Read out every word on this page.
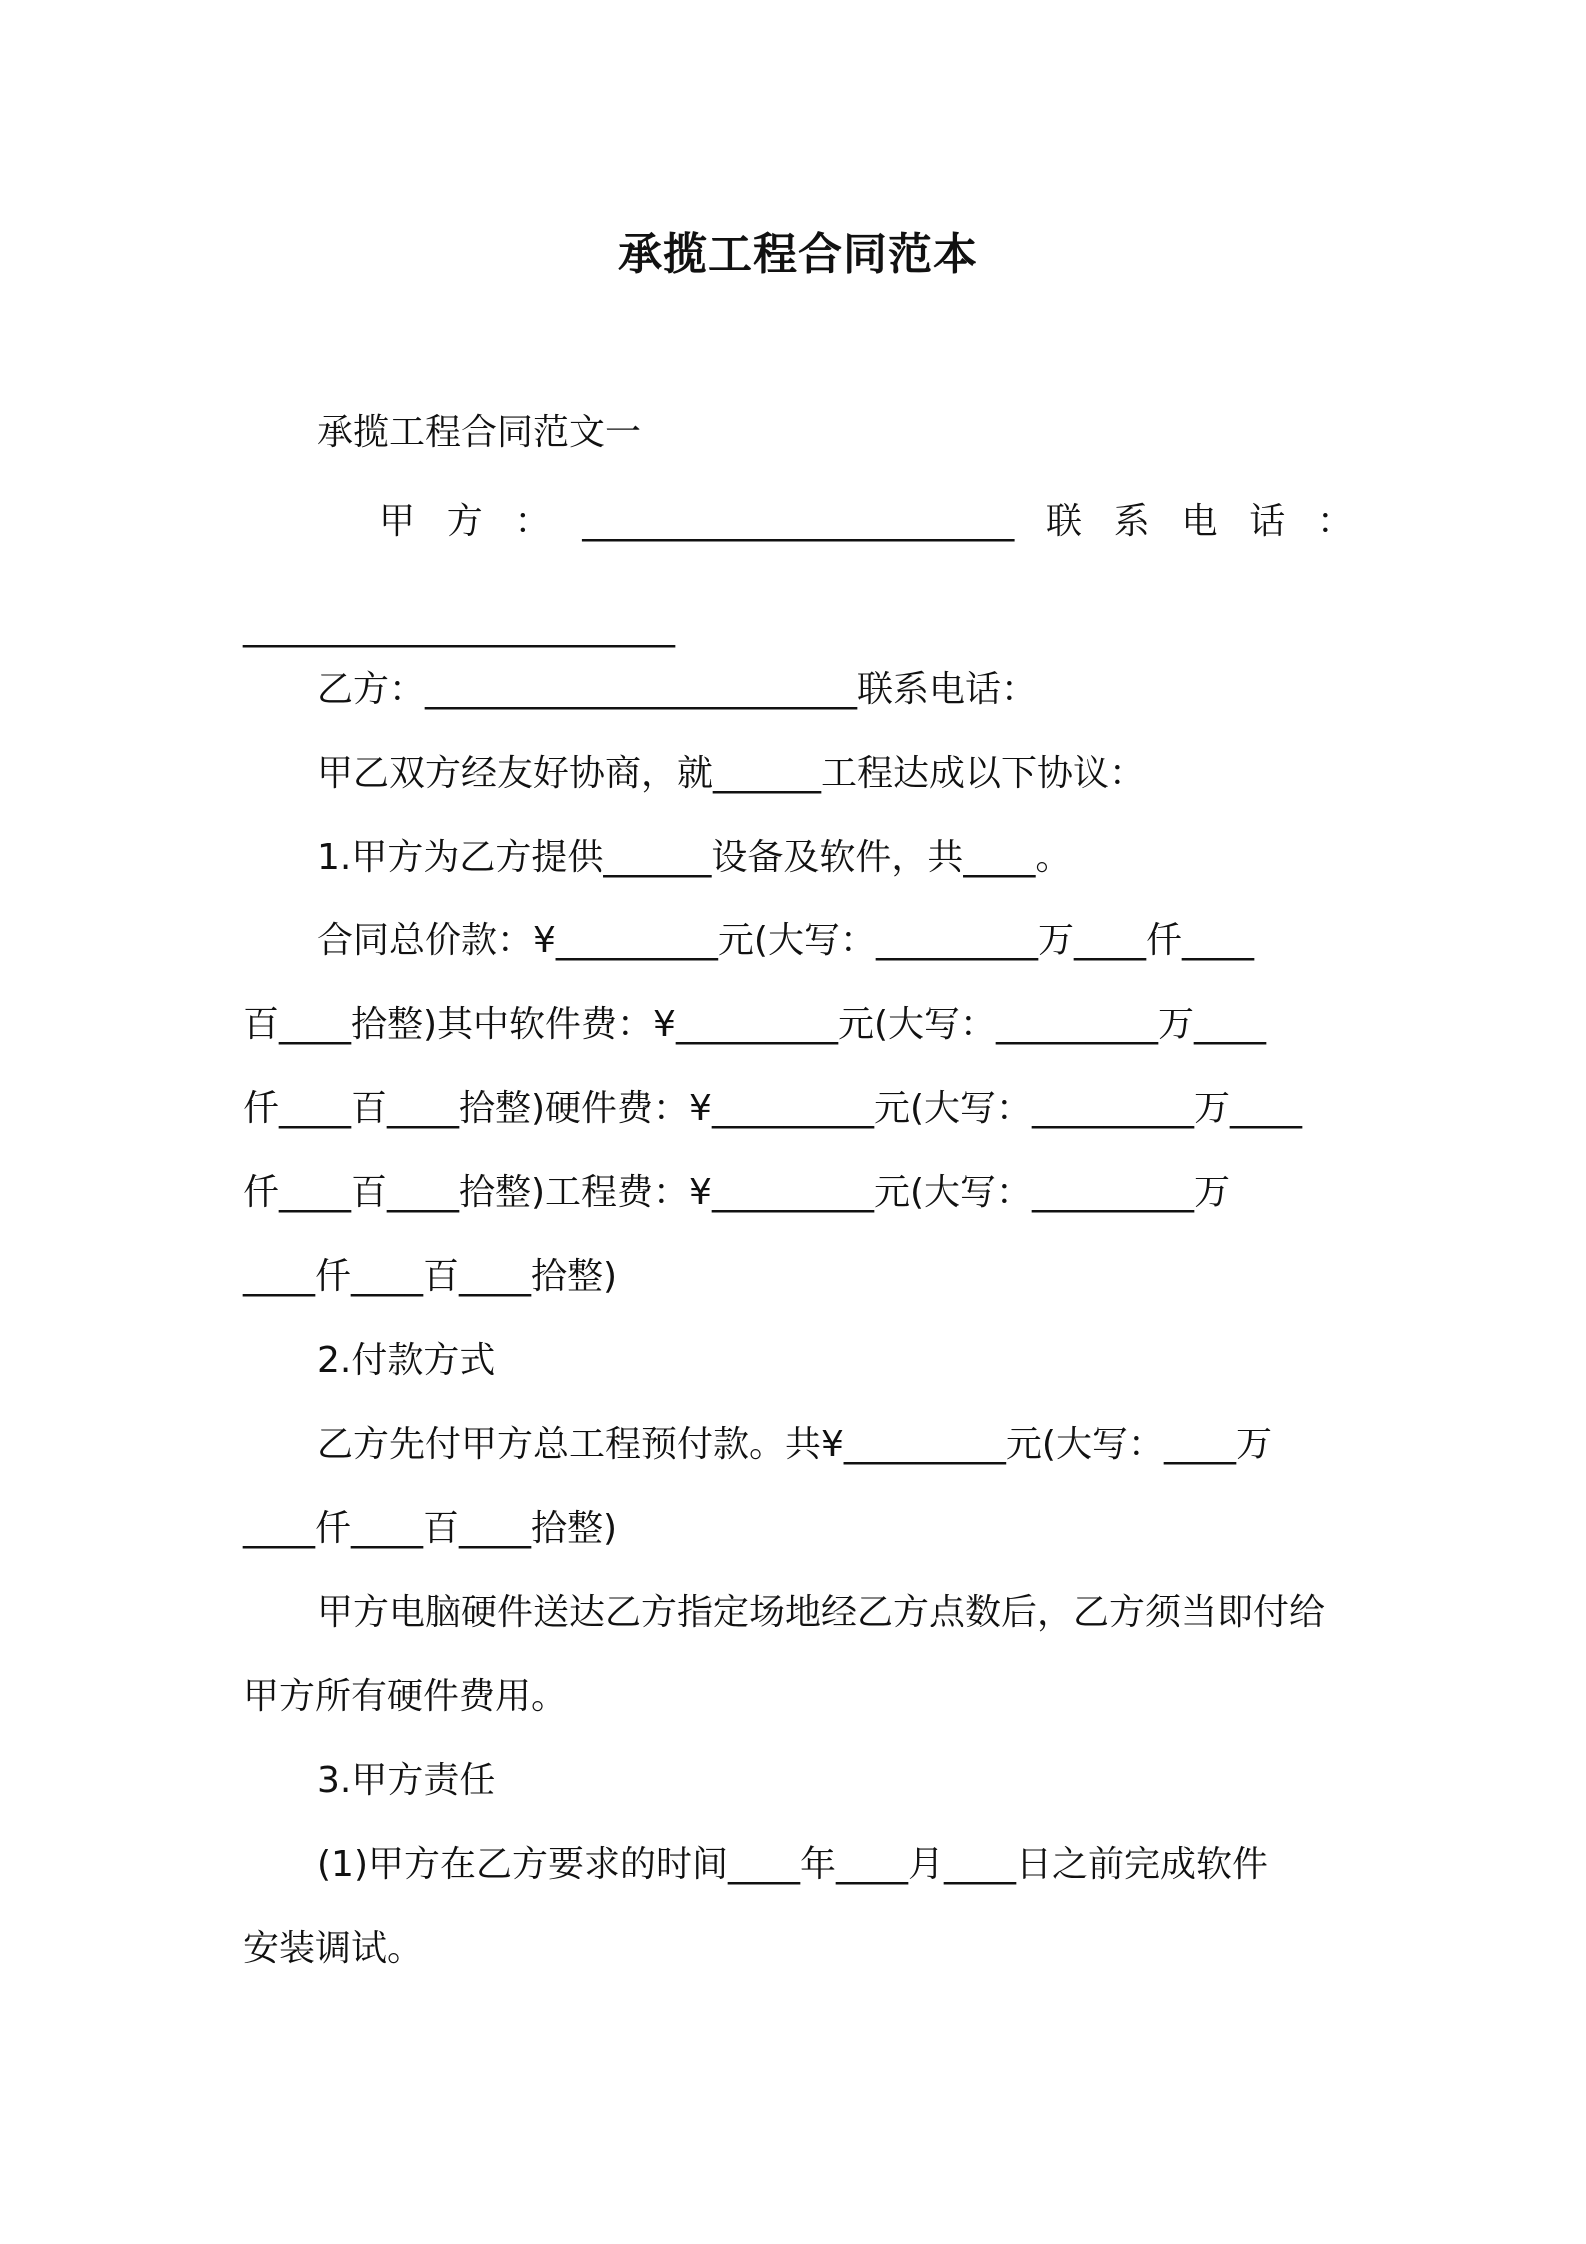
承揽工程合同范本
承揽工程合同范文一
甲 方 ： ________________________ 联 系 电 话 ：
________________________
乙方：________________________联系电话：
甲乙双方经友好协商，就______工程达成以下协议：
1.甲方为乙方提供______设备及软件，共____。
合同总价款：¥_________元(大写：_________万____仟____
百____拾整)其中软件费：¥_________元(大写：_________万____
仟____百____拾整)硬件费：¥_________元(大写：_________万____
仟____百____拾整)工程费：¥_________元(大写：_________万
____仟____百____拾整)
2.付款方式
乙方先付甲方总工程预付款。共¥_________元(大写：____万
____仟____百____拾整)
甲方电脑硬件送达乙方指定场地经乙方点数后，乙方须当即付给
甲方所有硬件费用。
3.甲方责任
(1)甲方在乙方要求的时间____年____月____日之前完成软件
安装调试。
